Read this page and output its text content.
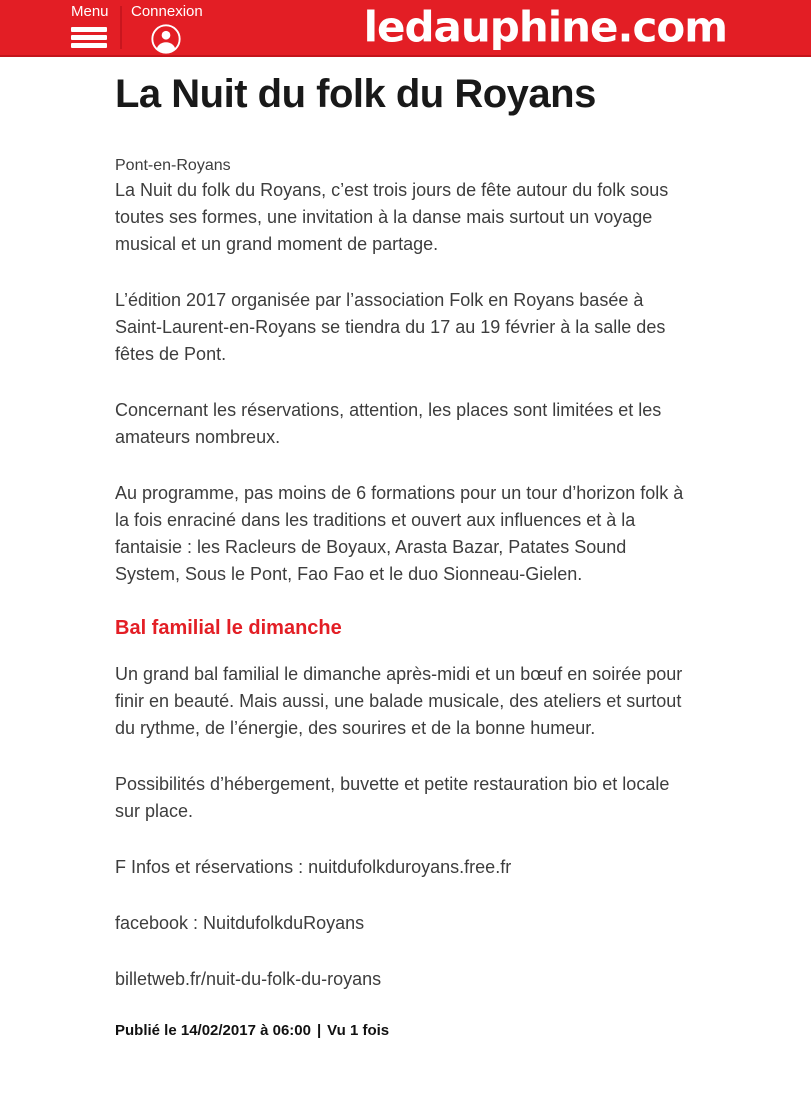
Menu Connexion	ledauphine.com
La Nuit du folk du Royans
Pont-en-Royans

La Nuit du folk du Royans, c’est trois jours de fête autour du folk sous toutes ses formes, une invitation à la danse mais surtout un voyage musical et un grand moment de partage.

L’édition 2017 organisée par l’association Folk en Royans basée à Saint-Laurent-en-Royans se tiendra du 17 au 19 février à la salle des fêtes de Pont.

Concernant les réservations, attention, les places sont limitées et les amateurs nombreux.

Au programme, pas moins de 6 formations pour un tour d’horizon folk à la fois enraciné dans les traditions et ouvert aux influences et à la fantaisie : les Racleurs de Boyaux, Arasta Bazar, Patates Sound System, Sous le Pont, Fao Fao et le duo Sionneau-Gielen.

Bal familial le dimanche

Un grand bal familial le dimanche après-midi et un bœuf en soirée pour finir en beauté. Mais aussi, une balade musicale, des ateliers et surtout du rythme, de l’énergie, des sourires et de la bonne humeur.

Possibilités d’hébergement, buvette et petite restauration bio et locale sur place.

F Infos et réservations : nuitdufolkduroyans.free.fr

facebook : NuitdufolkduRoyans

billetweb.fr/nuit-du-folk-du-royans

Publié le 14/02/2017 à 06:00 | Vu 1 fois
